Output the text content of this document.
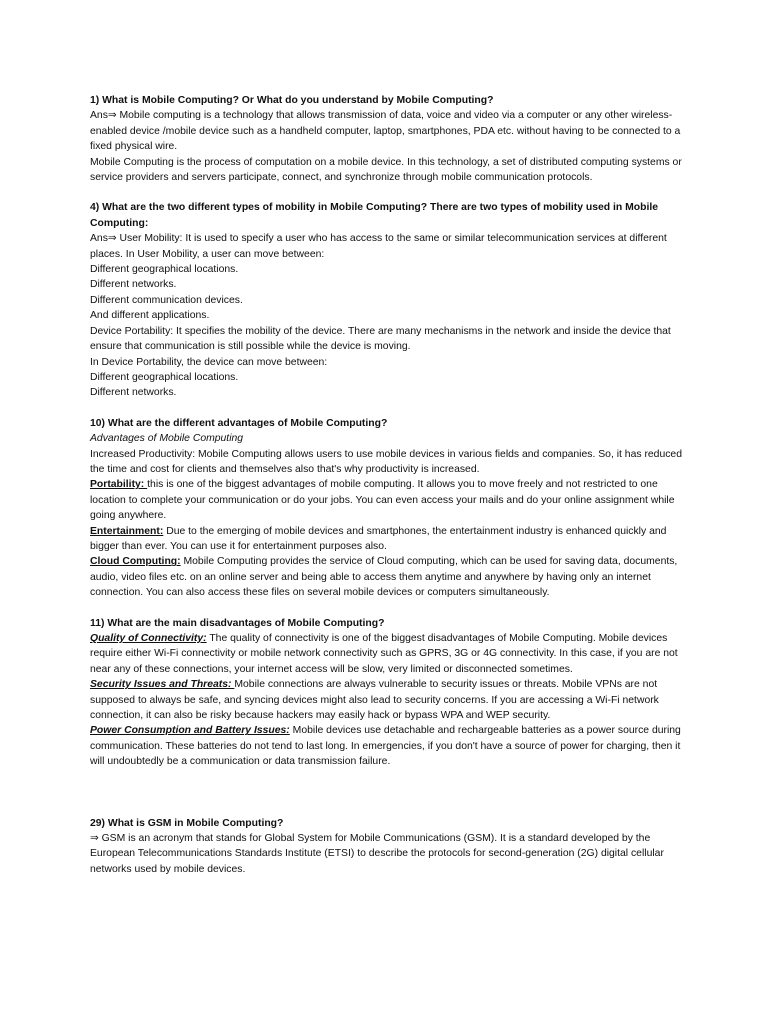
1) What is Mobile Computing? Or What do you understand by Mobile Computing?
Ans⇒ Mobile computing is a technology that allows transmission of data, voice and video via a computer or any other wireless-enabled device /mobile device such as a handheld computer, laptop, smartphones, PDA etc. without having to be connected to a fixed physical wire.
Mobile Computing is the process of computation on a mobile device. In this technology, a set of distributed computing systems or service providers and servers participate, connect, and synchronize through mobile communication protocols.
4) What are the two different types of mobility in Mobile Computing? There are two types of mobility used in Mobile Computing:
Ans⇒ User Mobility: It is used to specify a user who has access to the same or similar telecommunication services at different places. In User Mobility, a user can move between:
Different geographical locations.
Different networks.
Different communication devices.
And different applications.
Device Portability: It specifies the mobility of the device. There are many mechanisms in the network and inside the device that ensure that communication is still possible while the device is moving.
In Device Portability, the device can move between:
Different geographical locations.
Different networks.
10) What are the different advantages of Mobile Computing?
Advantages of Mobile Computing
Increased Productivity: Mobile Computing allows users to use mobile devices in various fields and companies. So, it has reduced the time and cost for clients and themselves also that's why productivity is increased.
Portability: this is one of the biggest advantages of mobile computing. It allows you to move freely and not restricted to one location to complete your communication or do your jobs. You can even access your mails and do your online assignment while going anywhere.
Entertainment: Due to the emerging of mobile devices and smartphones, the entertainment industry is enhanced quickly and bigger than ever. You can use it for entertainment purposes also.
Cloud Computing: Mobile Computing provides the service of Cloud computing, which can be used for saving data, documents, audio, video files etc. on an online server and being able to access them anytime and anywhere by having only an internet connection. You can also access these files on several mobile devices or computers simultaneously.
11) What are the main disadvantages of Mobile Computing?
Quality of Connectivity: The quality of connectivity is one of the biggest disadvantages of Mobile Computing. Mobile devices require either Wi-Fi connectivity or mobile network connectivity such as GPRS, 3G or 4G connectivity. In this case, if you are not near any of these connections, your internet access will be slow, very limited or disconnected sometimes.
Security Issues and Threats: Mobile connections are always vulnerable to security issues or threats. Mobile VPNs are not supposed to always be safe, and syncing devices might also lead to security concerns. If you are accessing a Wi-Fi network connection, it can also be risky because hackers may easily hack or bypass WPA and WEP security.
Power Consumption and Battery Issues: Mobile devices use detachable and rechargeable batteries as a power source during communication. These batteries do not tend to last long. In emergencies, if you don't have a source of power for charging, then it will undoubtedly be a communication or data transmission failure.
29) What is GSM in Mobile Computing?
⇒ GSM is an acronym that stands for Global System for Mobile Communications (GSM). It is a standard developed by the European Telecommunications Standards Institute (ETSI) to describe the protocols for second-generation (2G) digital cellular networks used by mobile devices.
